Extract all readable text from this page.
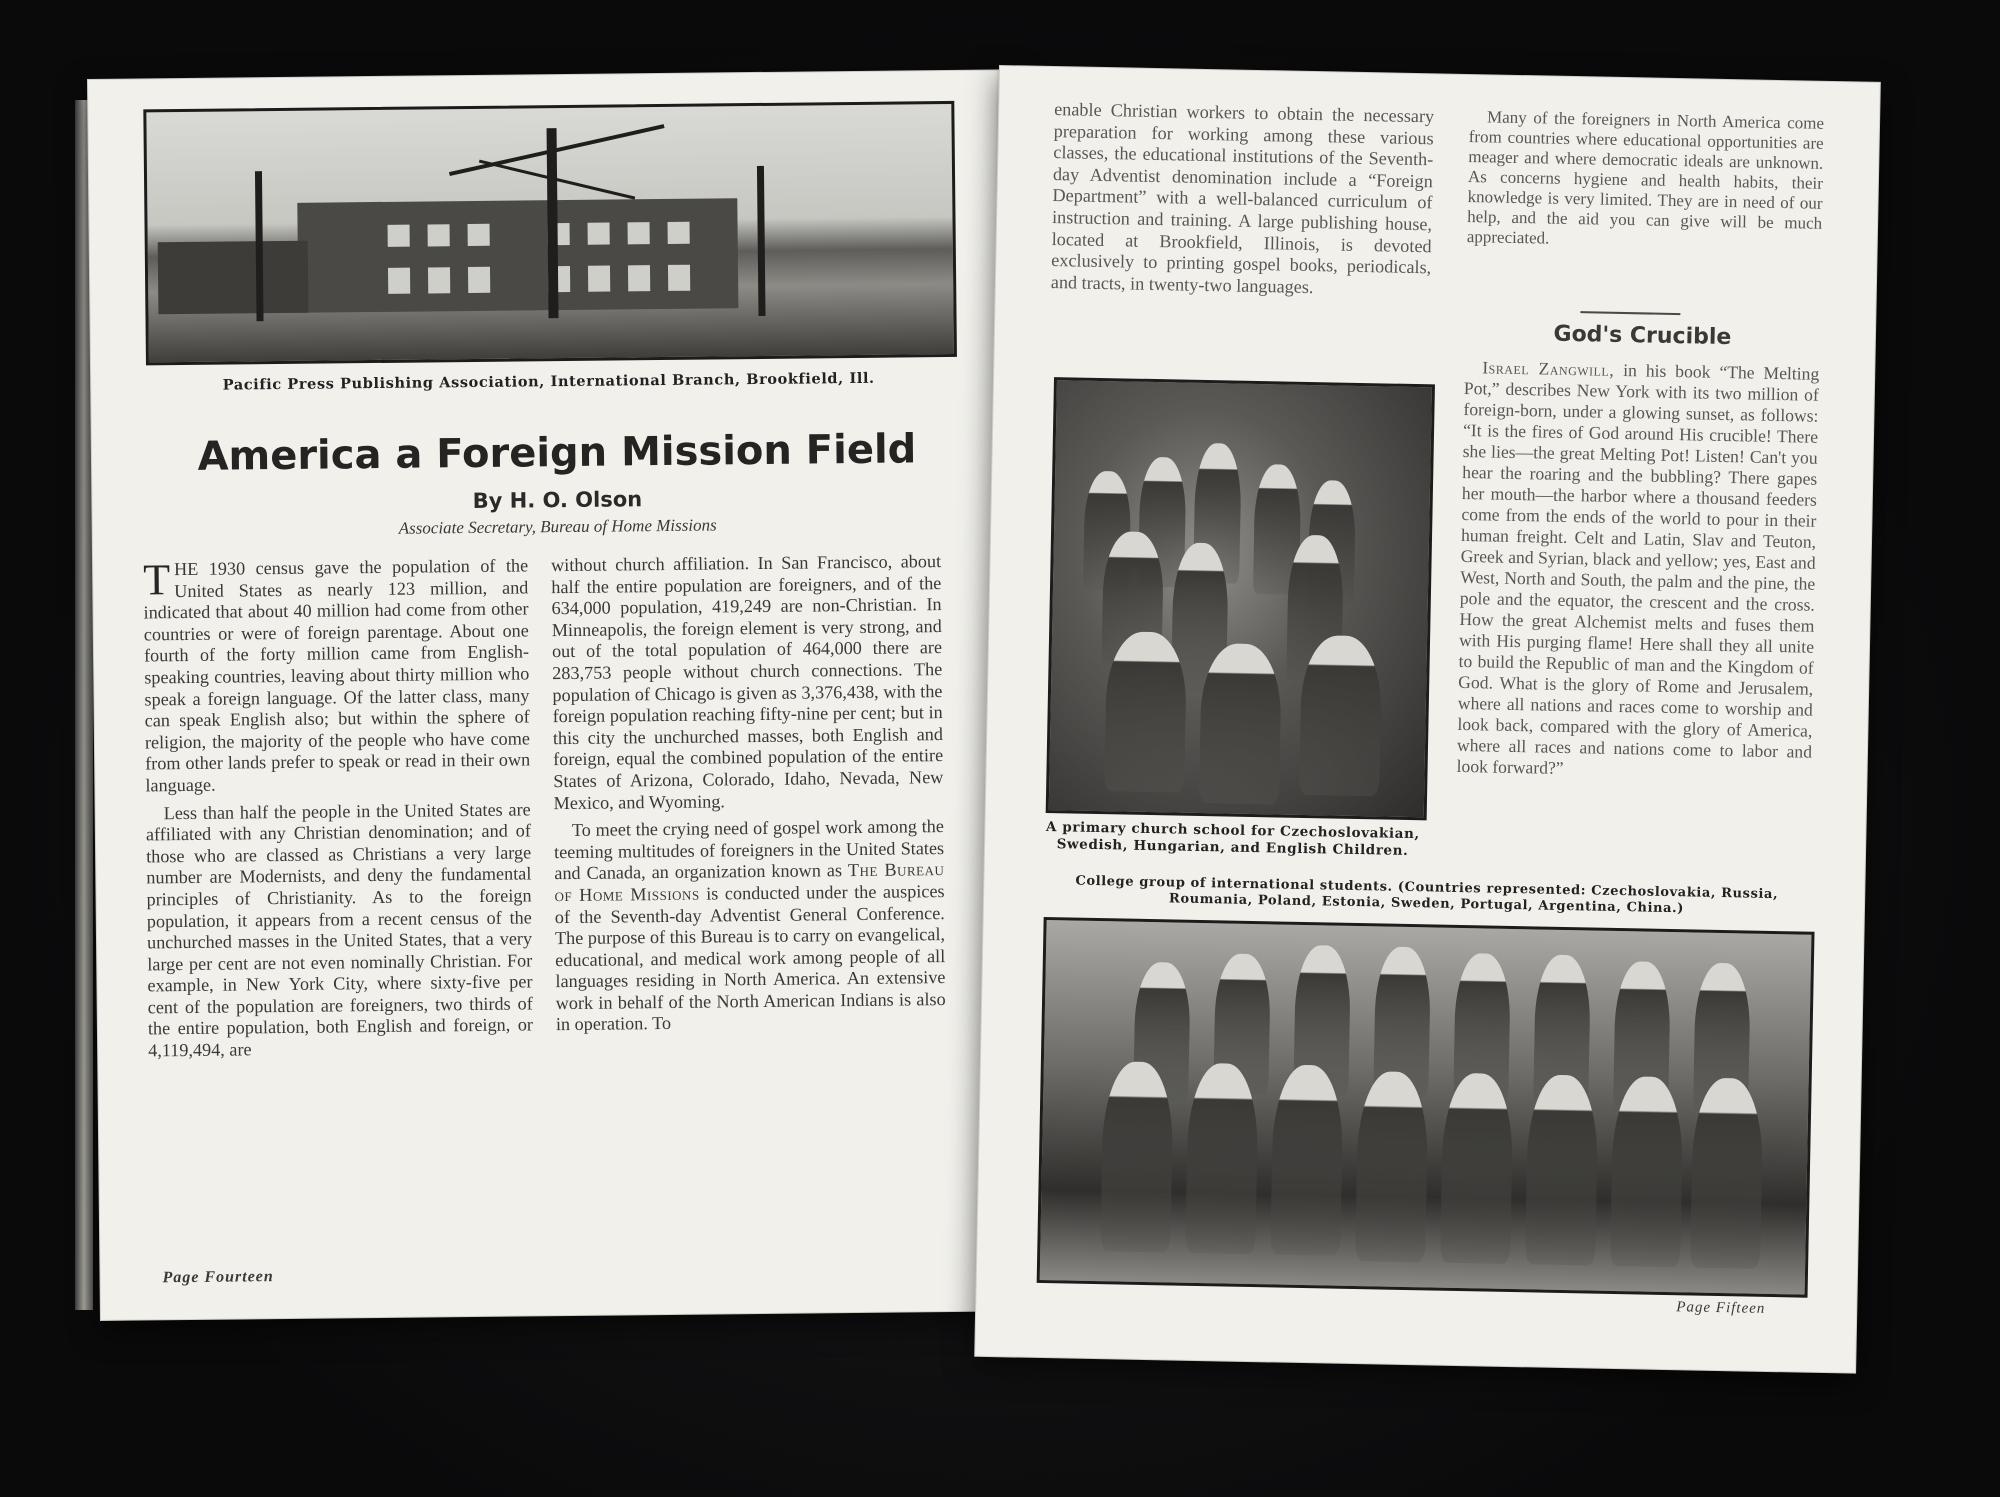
Pacific Press Publishing Association, International Branch, Brookfield, Ill.
America a Foreign Mission Field
By H. O. Olson
Associate Secretary, Bureau of Home Missions

THE 1930 census gave the population of the United States as nearly 123 million, and indicated that about 40 million had come from other countries or were of foreign parentage. About one fourth of the forty million came from English-speaking countries, leaving about thirty million who speak a foreign language. Of the latter class, many can speak English also; but within the sphere of religion, the majority of the people who have come from other lands prefer to speak or read in their own language.

Less than half the people in the United States are affiliated with any Christian denomination; and of those who are classed as Christians a very large number are Modernists, and deny the fundamental principles of Christianity. As to the foreign population, it appears from a recent census of the unchurched masses in the United States, that a very large per cent are not even nominally Christian. For example, in New York City, where sixty-five per cent of the population are foreigners, two thirds of the entire population, both English and foreign, or 4,119,494, are

without church affiliation. In San Francisco, about half the entire population are foreigners, and of the 634,000 population, 419,249 are non-Christian. In Minneapolis, the foreign element is very strong, and out of the total population of 464,000 there are 283,753 people without church connections. The population of Chicago is given as 3,376,438, with the foreign population reaching fifty-nine per cent; but in this city the unchurched masses, both English and foreign, equal the combined population of the entire States of Arizona, Colorado, Idaho, Nevada, New Mexico, and Wyoming.

To meet the crying need of gospel work among the teeming multitudes of foreigners in the United States and Canada, an organization known as The Bureau of Home Missions is conducted under the auspices of the Seventh-day Adventist General Conference. The purpose of this Bureau is to carry on evangelical, educational, and medical work among people of all languages residing in North America. An extensive work in behalf of the North American Indians is also in operation. To

Page Fourteen

enable Christian workers to obtain the necessary preparation for working among these various classes, the educational institutions of the Seventh-day Adventist denomination include a “Foreign Department” with a well-balanced curriculum of instruction and training. A large publishing house, located at Brookfield, Illinois, is devoted exclusively to printing gospel books, periodicals, and tracts, in twenty-two languages.

Many of the foreigners in North America come from countries where educational opportunities are meager and where democratic ideals are unknown. As concerns hygiene and health habits, their knowledge is very limited. They are in need of our help, and the aid you can give will be much appreciated.

God's Crucible

Israel Zangwill, in his book “The Melting Pot,” describes New York with its two million of foreign-born, under a glowing sunset, as follows: “It is the fires of God around His crucible! There she lies—the great Melting Pot! Listen! Can't you hear the roaring and the bubbling? There gapes her mouth—the harbor where a thousand feeders come from the ends of the world to pour in their human freight. Celt and Latin, Slav and Teuton, Greek and Syrian, black and yellow; yes, East and West, North and South, the palm and the pine, the pole and the equator, the crescent and the cross. How the great Alchemist melts and fuses them with His purging flame! Here shall they all unite to build the Republic of man and the Kingdom of God. What is the glory of Rome and Jerusalem, where all nations and races come to worship and look back, compared with the glory of America, where all races and nations come to labor and look forward?”

A primary church school for Czechoslovakian, Swedish, Hungarian, and English Children.
College group of international students. (Countries represented: Czechoslovakia, Russia, Roumania, Poland, Estonia, Sweden, Portugal, Argentina, China.)
Page Fifteen
